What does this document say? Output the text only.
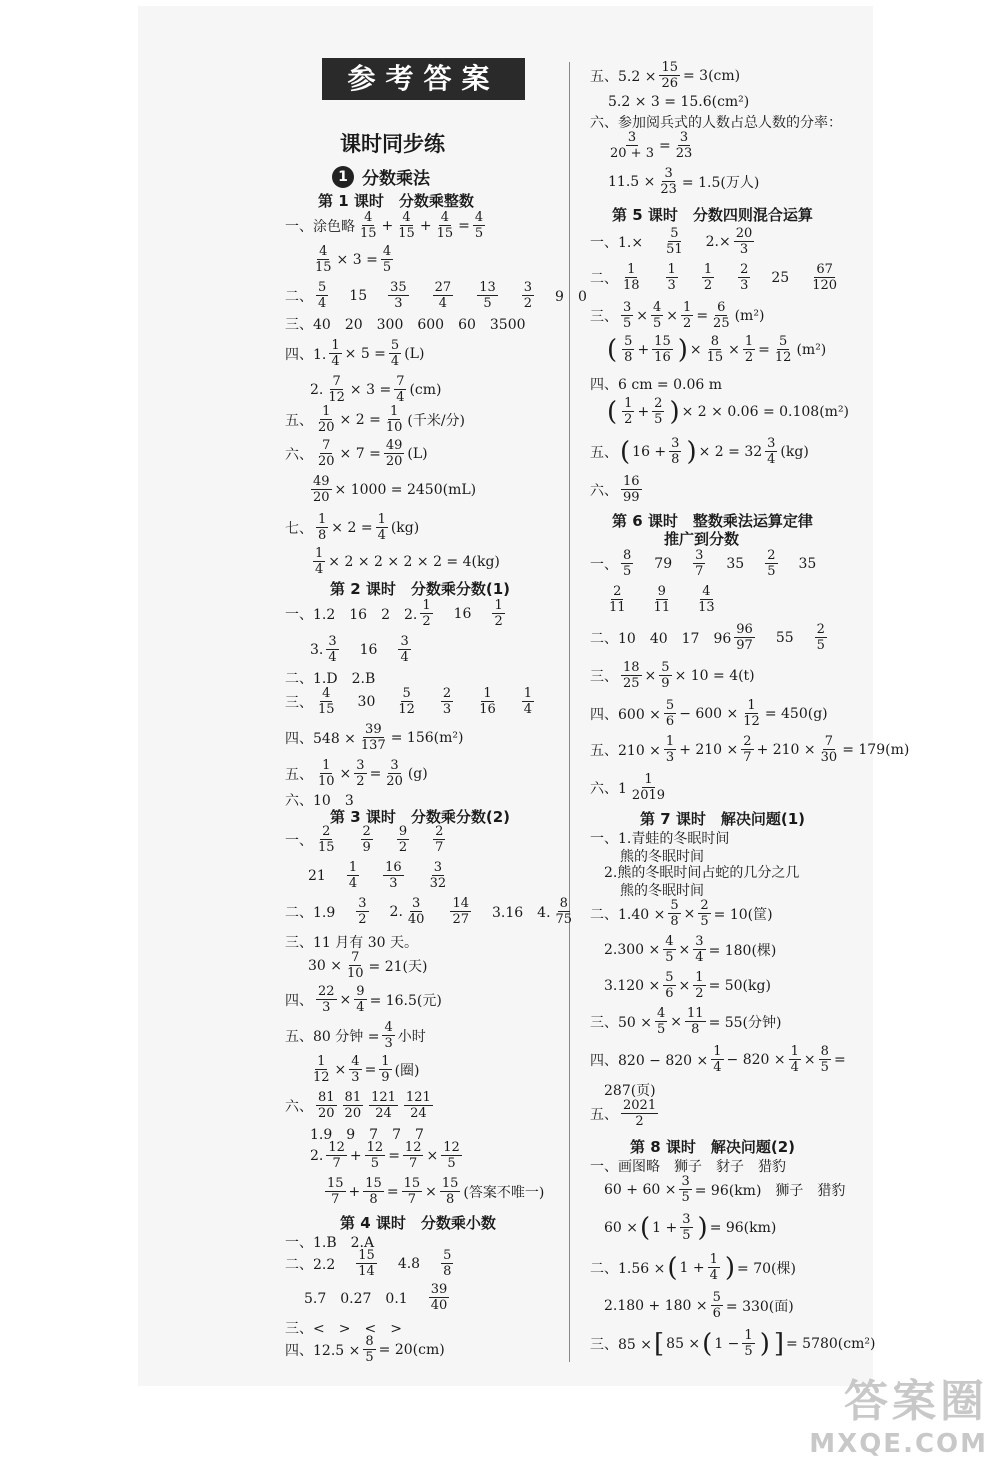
参考答案
课时同步练
1 分数乘法
第 1 课时　分数乘整数
一、涂色略 $\frac{4}{15} + \frac{4}{15} + \frac{4}{15} = \frac{4}{5}$
$\frac{4}{15} \times 3 = \frac{4}{5}$
二、 $\frac{5}{4} 15 \frac{35}{3} \frac{27}{4} \frac{13}{5} \frac{3}{2} 9$　0
三、40　20　300　600　60　3500
四、1. $\frac{1}{4} \times 5 = \frac{5}{4} (L)$
2. $\frac{7}{12} \times 3 = \frac{7}{4} (cm)$
五、 $\frac{1}{20} \times 2 = \frac{1}{10}$ (千米/分)
六、 $\frac{7}{20} \times 7 = \frac{49}{20} (L)$
$\frac{49}{20} \times 1000 = 2450(mL)$
七、 $\frac{1}{8} \times 2 = \frac{1}{4} (kg)$
$\frac{1}{4} \times 2 \times 2 \times 2 \times 2 = 4(kg)$
第 2 课时　分数乘分数(1)
一、1.2　16　2　2. $\frac{1}{2} 16 \frac{1}{2}$
3. $\frac{3}{4} 16 \frac{3}{4}$
二、1.D　2.B
三、 $\frac{4}{15} 30 \frac{5}{12} \frac{2}{3} \frac{1}{16} \frac{1}{4}$
四、$548 \times \frac{39}{137} = 156(m^2)$
五、 $\frac{1}{10} \times \frac{3}{2} = \frac{3}{20} (g)$
六、10　3
第 3 课时　分数乘分数(2)
一、 $\frac{2}{15} \frac{2}{9} \frac{9}{2} \frac{2}{7}$
$21 \frac{1}{4} \frac{16}{3} \frac{3}{32}$
二、$1.9 \frac{3}{2} 2$. $\frac{3}{40} \frac{14}{27} 3.16$　4. $\frac{8}{75}$
三、11 月有 30 天。
$30 \times \frac{7}{10} = 21$(天)
四、 $\frac{22}{3} \times \frac{9}{4} = 16.5$(元)
五、80 分钟 = $\frac{4}{3}$ 小时
$\frac{1}{12} \times \frac{4}{3} = \frac{1}{9}$ (圈)
六、 $\frac{81}{20} \frac{81}{20} \frac{121}{24} \frac{121}{24}$
1.9　9　7　7　7
2. $\frac{12}{7} + \frac{12}{5} = \frac{12}{7} \times \frac{12}{5}$
$\frac{15}{7} + \frac{15}{8} = \frac{15}{7} \times \frac{15}{8}$ (答案不唯一)
第 4 课时　分数乘小数
一、1.B　2.A
二、$2.2 \frac{15}{14} 4.8 \frac{5}{8}$
5.7　0.27　$0.1 \frac{39}{40}$
三、<　>　<　>
四、$12.5 \times \frac{8}{5} = 20(cm)$
五、$5.2 \times \frac{15}{26} = 3(cm)$
5.2 × 3 = 15.6(cm²)
六、参加阅兵式的人数占总人数的分率：
$\frac{3}{20 + 3} = \frac{3}{23}$
$11.5 \times \frac{3}{23} = 1.5$(万人)
第 5 课时　分数四则混合运算
一、$1.\times \frac{5}{51} 2.\times \frac{20}{3}$
二、 $\frac{1}{18} \frac{1}{3} \frac{1}{2} \frac{2}{3} 25 \frac{67}{120}$
三、 $\frac{3}{5} \times \frac{4}{5} \times \frac{1}{2} = \frac{6}{25} (m^2)$
( $\frac{5}{8} + \frac{15}{16}$ ) × $\frac{8}{15} \times \frac{1}{2} = \frac{5}{12} (m^2)$
四、6 cm = 0.06 m
( $\frac{1}{2} + \frac{2}{5}$ ) × 2 × 0.06 = 0.108(m²)
五、 ( $16 + \frac{3}{8}$ ) × $2 = 32 \frac{3}{4} (kg)$
六、 $\frac{16}{99}$
第 6 课时　整数乘法运算定律
推广到分数
一、 $\frac{8}{5} 79 \frac{3}{7} 35 \frac{2}{5} 35$
$\frac{2}{11} \frac{9}{11} \frac{4}{13}$
二、10　40　17　$96 \frac{96}{97} 55 \frac{2}{5}$
三、 $\frac{18}{25} \times \frac{5}{9} \times 10 = 4(t)$
四、$600 \times \frac{5}{6} - 600 \times \frac{1}{12} = 450(g)$
五、$210 \times \frac{1}{3} + 210 \times \frac{2}{7} + 210 \times \frac{7}{30} = 179(m)$
六、$1 \frac{1}{2019}$
第 7 课时　解决问题(1)
一、1.青蛙的冬眠时间
熊的冬眠时间
2.熊的冬眠时间占蛇的几分之几
熊的冬眠时间
二、$1.40 \times \frac{5}{8} \times \frac{2}{5} = 10$(筐)
$2.300 \times \frac{4}{5} \times \frac{3}{4} = 180$(棵)
$3.120 \times \frac{5}{6} \times \frac{1}{2} = 50(kg)$
三、$50 \times \frac{4}{5} \times \frac{11}{8} = 55$(分钟)
四、$820 - 820 \times \frac{1}{4} - 820 \times \frac{1}{4} \times \frac{8}{5}$ =
287(页)
五、 $\frac{2021}{2}$
第 8 课时　解决问题(2)
一、画图略　狮子　豺子　猎豹
$60 + 60 \times \frac{3}{5} = 96(km)$　狮子　猎豹
60 × ( $1 + \frac{3}{5}$ ) = 96(km)
二、1.56 × ( $1 + \frac{1}{4}$ ) = 70(棵)
$2.180 + 180 \times \frac{5}{6} = 330$(面)
三、85 × [ 85 × ( $1 - \frac{1}{5}$ ) ] = 5780(cm²)
答案圈
MXQE.COM
